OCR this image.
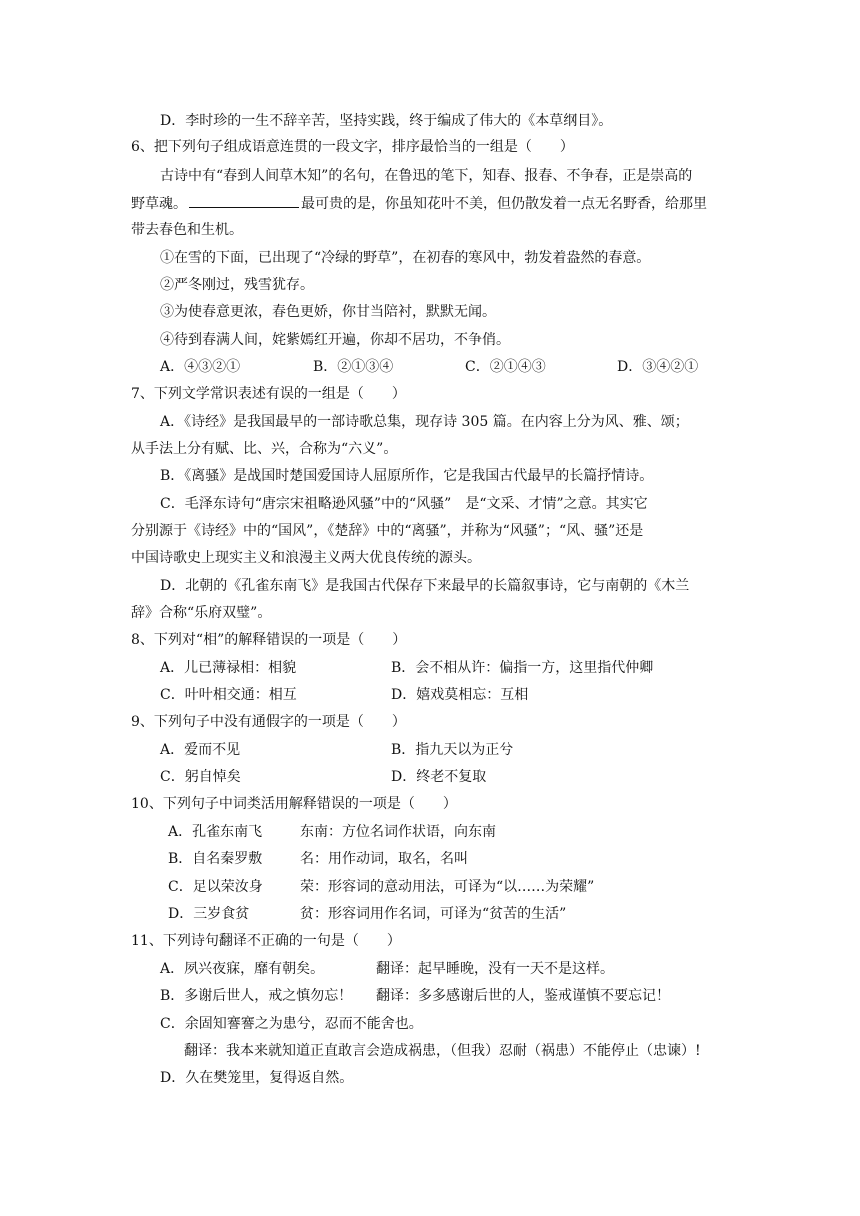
D．李时珍的一生不辞辛苦，坚持实践，终于编成了伟大的《本草纲目》。
6、把下列句子组成语意连贯的一段文字，排序最恰当的一组是（　　）
古诗中有“春到人间草木知”的名句，在鲁迅的笔下，知春、报春、不争春，正是崇高的
野草魂。	最可贵的是，你虽知花叶不美，但仍散发着一点无名野香，给那里
带去春色和生机。
①在雪的下面，已出现了“冷绿的野草”，在初春的寒风中，勃发着盎然的春意。
②严冬刚过，残雪犹存。
③为使春意更浓，春色更娇，你甘当陪衬，默默无闻。
④待到春满人间，姹紫嫣红开遍，你却不居功，不争俏。
A．④③②①	B．②①③④	C．②①④③	D．③④②①
7、下列文学常识表述有误的一组是（　　）
A．《诗经》是我国最早的一部诗歌总集，现存诗 305 篇。在内容上分为风、雅、颂；
从手法上分有赋、比、兴，合称为“六义”。
B．《离骚》是战国时楚国爱国诗人屈原所作，它是我国古代最早的长篇抒情诗。
C．毛泽东诗句“唐宗宋祖略逊风骚”中的“风骚”　是“文采、才情”之意。其实它
分别源于《诗经》中的“国风”，《楚辞》中的“离骚”，并称为“风骚”；“风、骚”还是
中国诗歌史上现实主义和浪漫主义两大优良传统的源头。
D．北朝的《孔雀东南飞》是我国古代保存下来最早的长篇叙事诗，它与南朝的《木兰
辞》合称“乐府双璧”。
8、下列对“相”的解释错误的一项是（　　）
A．儿已薄禄相：相貌	B．会不相从许：偏指一方，这里指代仲卿
C．叶叶相交通：相互	D．嬉戏莫相忘：互相
9、下列句子中没有通假字的一项是（　　）
A．爱而不见	B．指九天以为正兮
C．躬自悼矣	D．终老不复取
10、下列句子中词类活用解释错误的一项是（　　）
A．孔雀东南飞	东南：方位名词作状语，向东南
B．自名秦罗敷	名：用作动词，取名，名叫
C．足以荣汝身	荣：形容词的意动用法，可译为“以……为荣耀”
D．三岁食贫	贫：形容词用作名词，可译为“贫苦的生活”
11、下列诗句翻译不正确的一句是（　　）
A．夙兴夜寐，靡有朝矣。	翻译：起早睡晚，没有一天不是这样。
B．多谢后世人，戒之慎勿忘！ 翻译：多多感谢后世的人，鉴戒谨慎不要忘记！
C．余固知謇謇之为患兮，忍而不能舍也。
翻译：我本来就知道正直敢言会造成祸患，（但我）忍耐（祸患）不能停止（忠谏）!
D．久在樊笼里，复得返自然。
